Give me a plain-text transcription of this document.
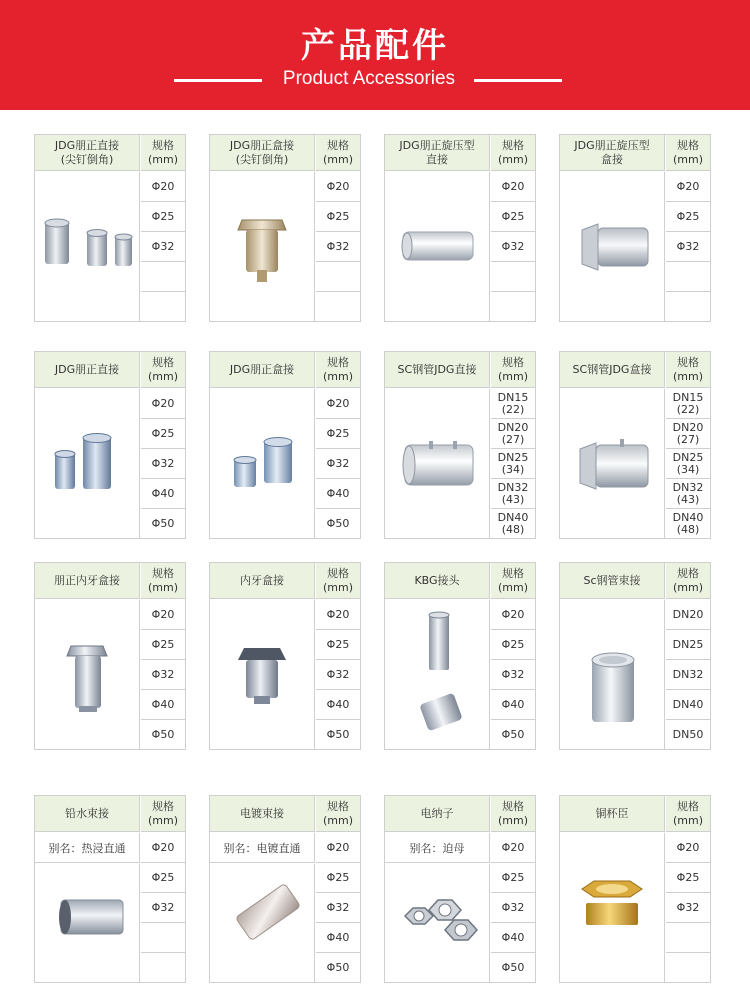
产品配件
Product Accessories
JDG朋正直接
(尖钉倒角)
规格
(mm)
Φ20
Φ25
Φ32
JDG朋正盒接
(尖钉倒角)
规格
(mm)
Φ20
Φ25
Φ32
JDG朋正旋压型
直接
规格
(mm)
Φ20
Φ25
Φ32
JDG朋正旋压型
盒接
规格
(mm)
Φ20
Φ25
Φ32
JDG朋正直接
规格
(mm)
Φ20
Φ25
Φ32
Φ40
Φ50
JDG朋正盒接
规格
(mm)
Φ20
Φ25
Φ32
Φ40
Φ50
SC钢管JDG直接
规格
(mm)
DN15
(22)
DN20
(27)
DN25
(34)
DN32
(43)
DN40
(48)
SC钢管JDG盒接
规格
(mm)
DN15
(22)
DN20
(27)
DN25
(34)
DN32
(43)
DN40
(48)
朋正内牙盒接
规格
(mm)
Φ20
Φ25
Φ32
Φ40
Φ50
内牙盒接
规格
(mm)
Φ20
Φ25
Φ32
Φ40
Φ50
KBG接头
规格
(mm)
Φ20
Φ25
Φ32
Φ40
Φ50
Sc钢管束接
规格
(mm)
DN20
DN25
DN32
DN40
DN50
铅水束接
规格
(mm)
别名：热浸直通	Φ20
Φ25
Φ32
电镀束接
规格
(mm)
别名：电镀直通	Φ20
Φ25
Φ32
Φ40
Φ50
电纳子
规格
(mm)
别名：迫母	Φ20
Φ25
Φ32
Φ40
Φ50
铜杯臣
规格
(mm)
Φ20
Φ25
Φ32
